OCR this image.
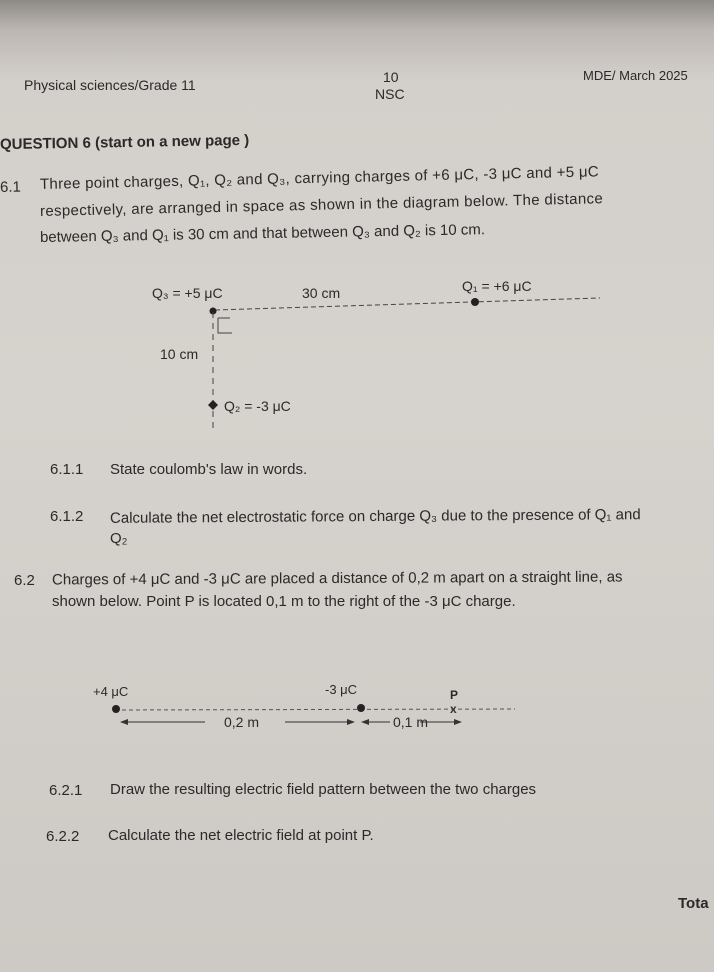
Physical sciences/Grade 11	10
NSC
MDE/ March 2025
QUESTION 6 (start on a new page )
6.1 Three point charges, Q₁, Q₂ and Q₃, carrying charges of +6 μC, -3 μC and +5 μC
respectively, are arranged in space as shown in the diagram below. The distance
between Q₃ and Q₁ is 30 cm and that between Q₃ and Q₂ is 10 cm.
x
Q₃ = +5 μC	30 cm	Q₁ = +6 μC
10 cm
Q₂ = -3 μC
6.1.1 State coulomb's law in words.
6.1.2 Calculate the net electrostatic force on charge Q₃ due to the presence of Q₁ and
Q₂
6.2 Charges of +4 μC and -3 μC are placed a distance of 0,2 m apart on a straight line, as
shown below. Point P is located 0,1 m to the right of the -3 μC charge.
+4 μC	-3 μC	P
0,2 m	0,1 m
6.2.1 Draw the resulting electric field pattern between the two charges
6.2.2 Calculate the net electric field at point P.
Tota
